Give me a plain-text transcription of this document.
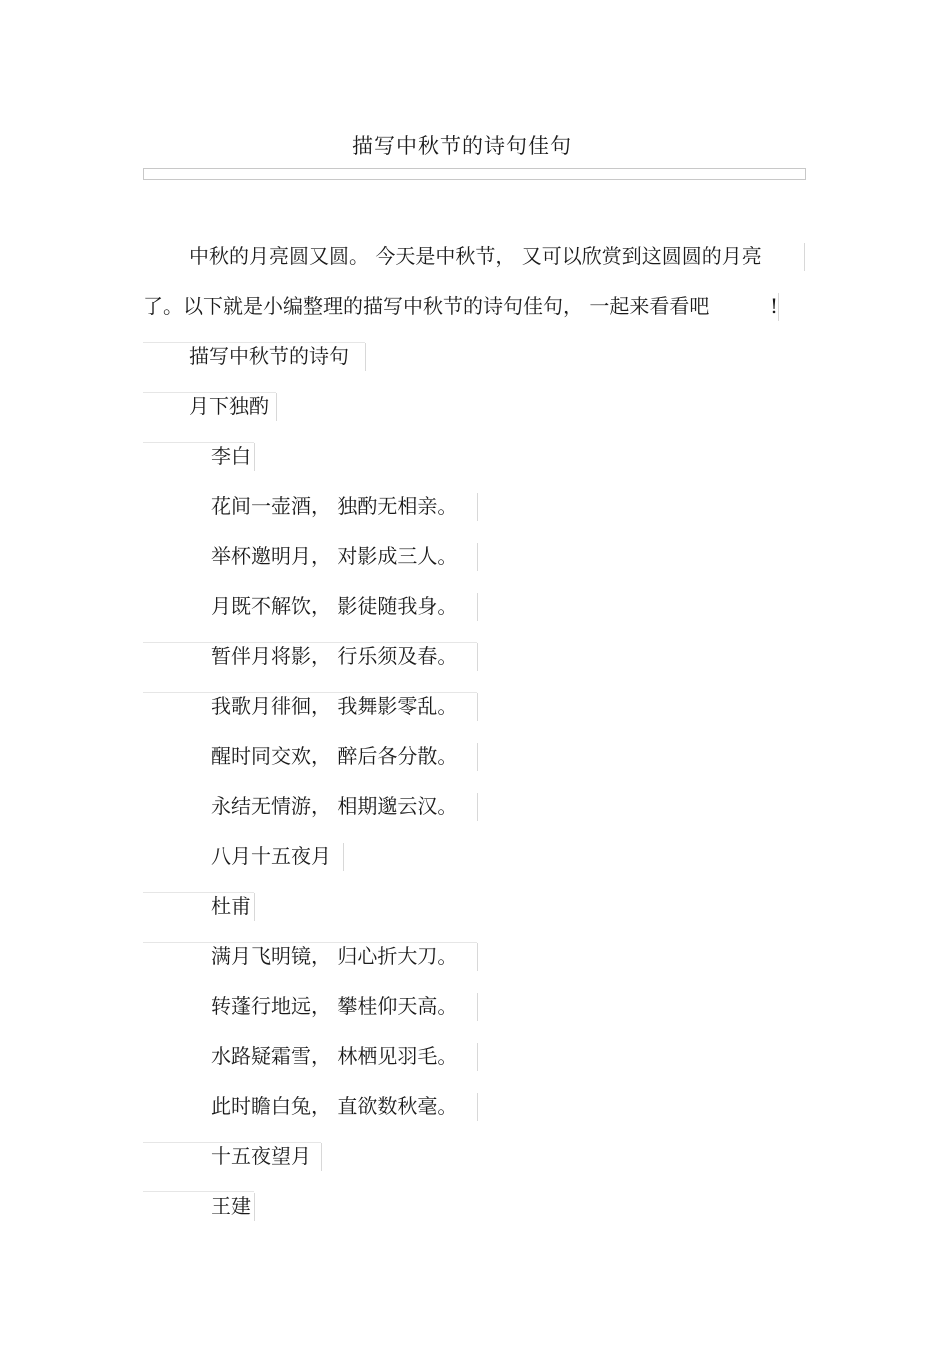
描写中秋节的诗句佳句
中秋的月亮圆又圆。 今天是中秋节， 又可以欣赏到这圆圆的月亮
了。以下就是小编整理的描写中秋节的诗句佳句， 一起来看看吧	!
描写中秋节的诗句
月下独酌
李白
花间一壶酒， 独酌无相亲。
举杯邀明月， 对影成三人。
月既不解饮， 影徒随我身。
暂伴月将影， 行乐须及春。
我歌月徘徊， 我舞影零乱。
醒时同交欢， 醉后各分散。
永结无情游， 相期邈云汉。
八月十五夜月
杜甫
满月飞明镜， 归心折大刀。
转蓬行地远， 攀桂仰天高。
水路疑霜雪， 林栖见羽毛。
此时瞻白兔， 直欲数秋毫。
十五夜望月
王建
